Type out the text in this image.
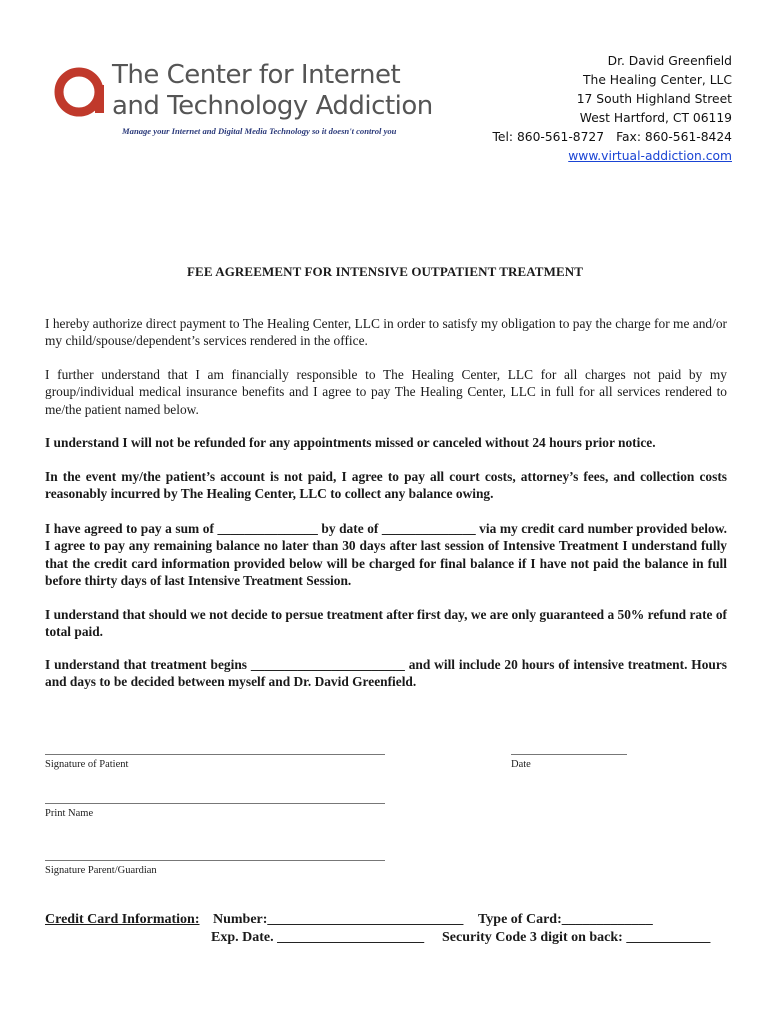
The Center for Internet
and Technology Addiction
Manage your Internet and Digital Media Technology so it doesn't control you
Dr. David Greenfield
The Healing Center, LLC
17 South Highland Street
West Hartford, CT 06119
Tel: 860-561-8727 Fax: 860-561-8424
www.virtual-addiction.com
FEE AGREEMENT FOR INTENSIVE OUTPATIENT TREATMENT
I hereby authorize direct payment to The Healing Center, LLC in order to satisfy my obligation to pay the charge for me and/or my child/spouse/dependent’s services rendered in the office.
I further understand that I am financially responsible to The Healing Center, LLC for all charges not paid by my group/individual medical insurance benefits and I agree to pay The Healing Center, LLC in full for all services rendered to me/the patient named below.
I understand I will not be refunded for any appointments missed or canceled without 24 hours prior notice.
In the event my/the patient’s account is not paid, I agree to pay all court costs, attorney’s fees, and collection costs reasonably incurred by The Healing Center, LLC to collect any balance owing.
I have agreed to pay a sum of _______________ by date of ______________ via my credit card number provided below. I agree to pay any remaining balance no later than 30 days after last session of Intensive Treatment I understand fully that the credit card information provided below will be charged for final balance if I have not paid the balance in full before thirty days of last Intensive Treatment Session.
I understand that should we not decide to persue treatment after first day, we are only guaranteed a 50% refund rate of total paid.
I understand that treatment begins _______________________ and will include 20 hours of intensive treatment. Hours and days to be decided between myself and Dr. David Greenfield.
Signature of Patient	Date
Print Name
Signature Parent/Guardian
Credit Card Information: Number:____________________________ Type of Card:_____________
Exp. Date. _____________________ Security Code 3 digit on back: ____________
